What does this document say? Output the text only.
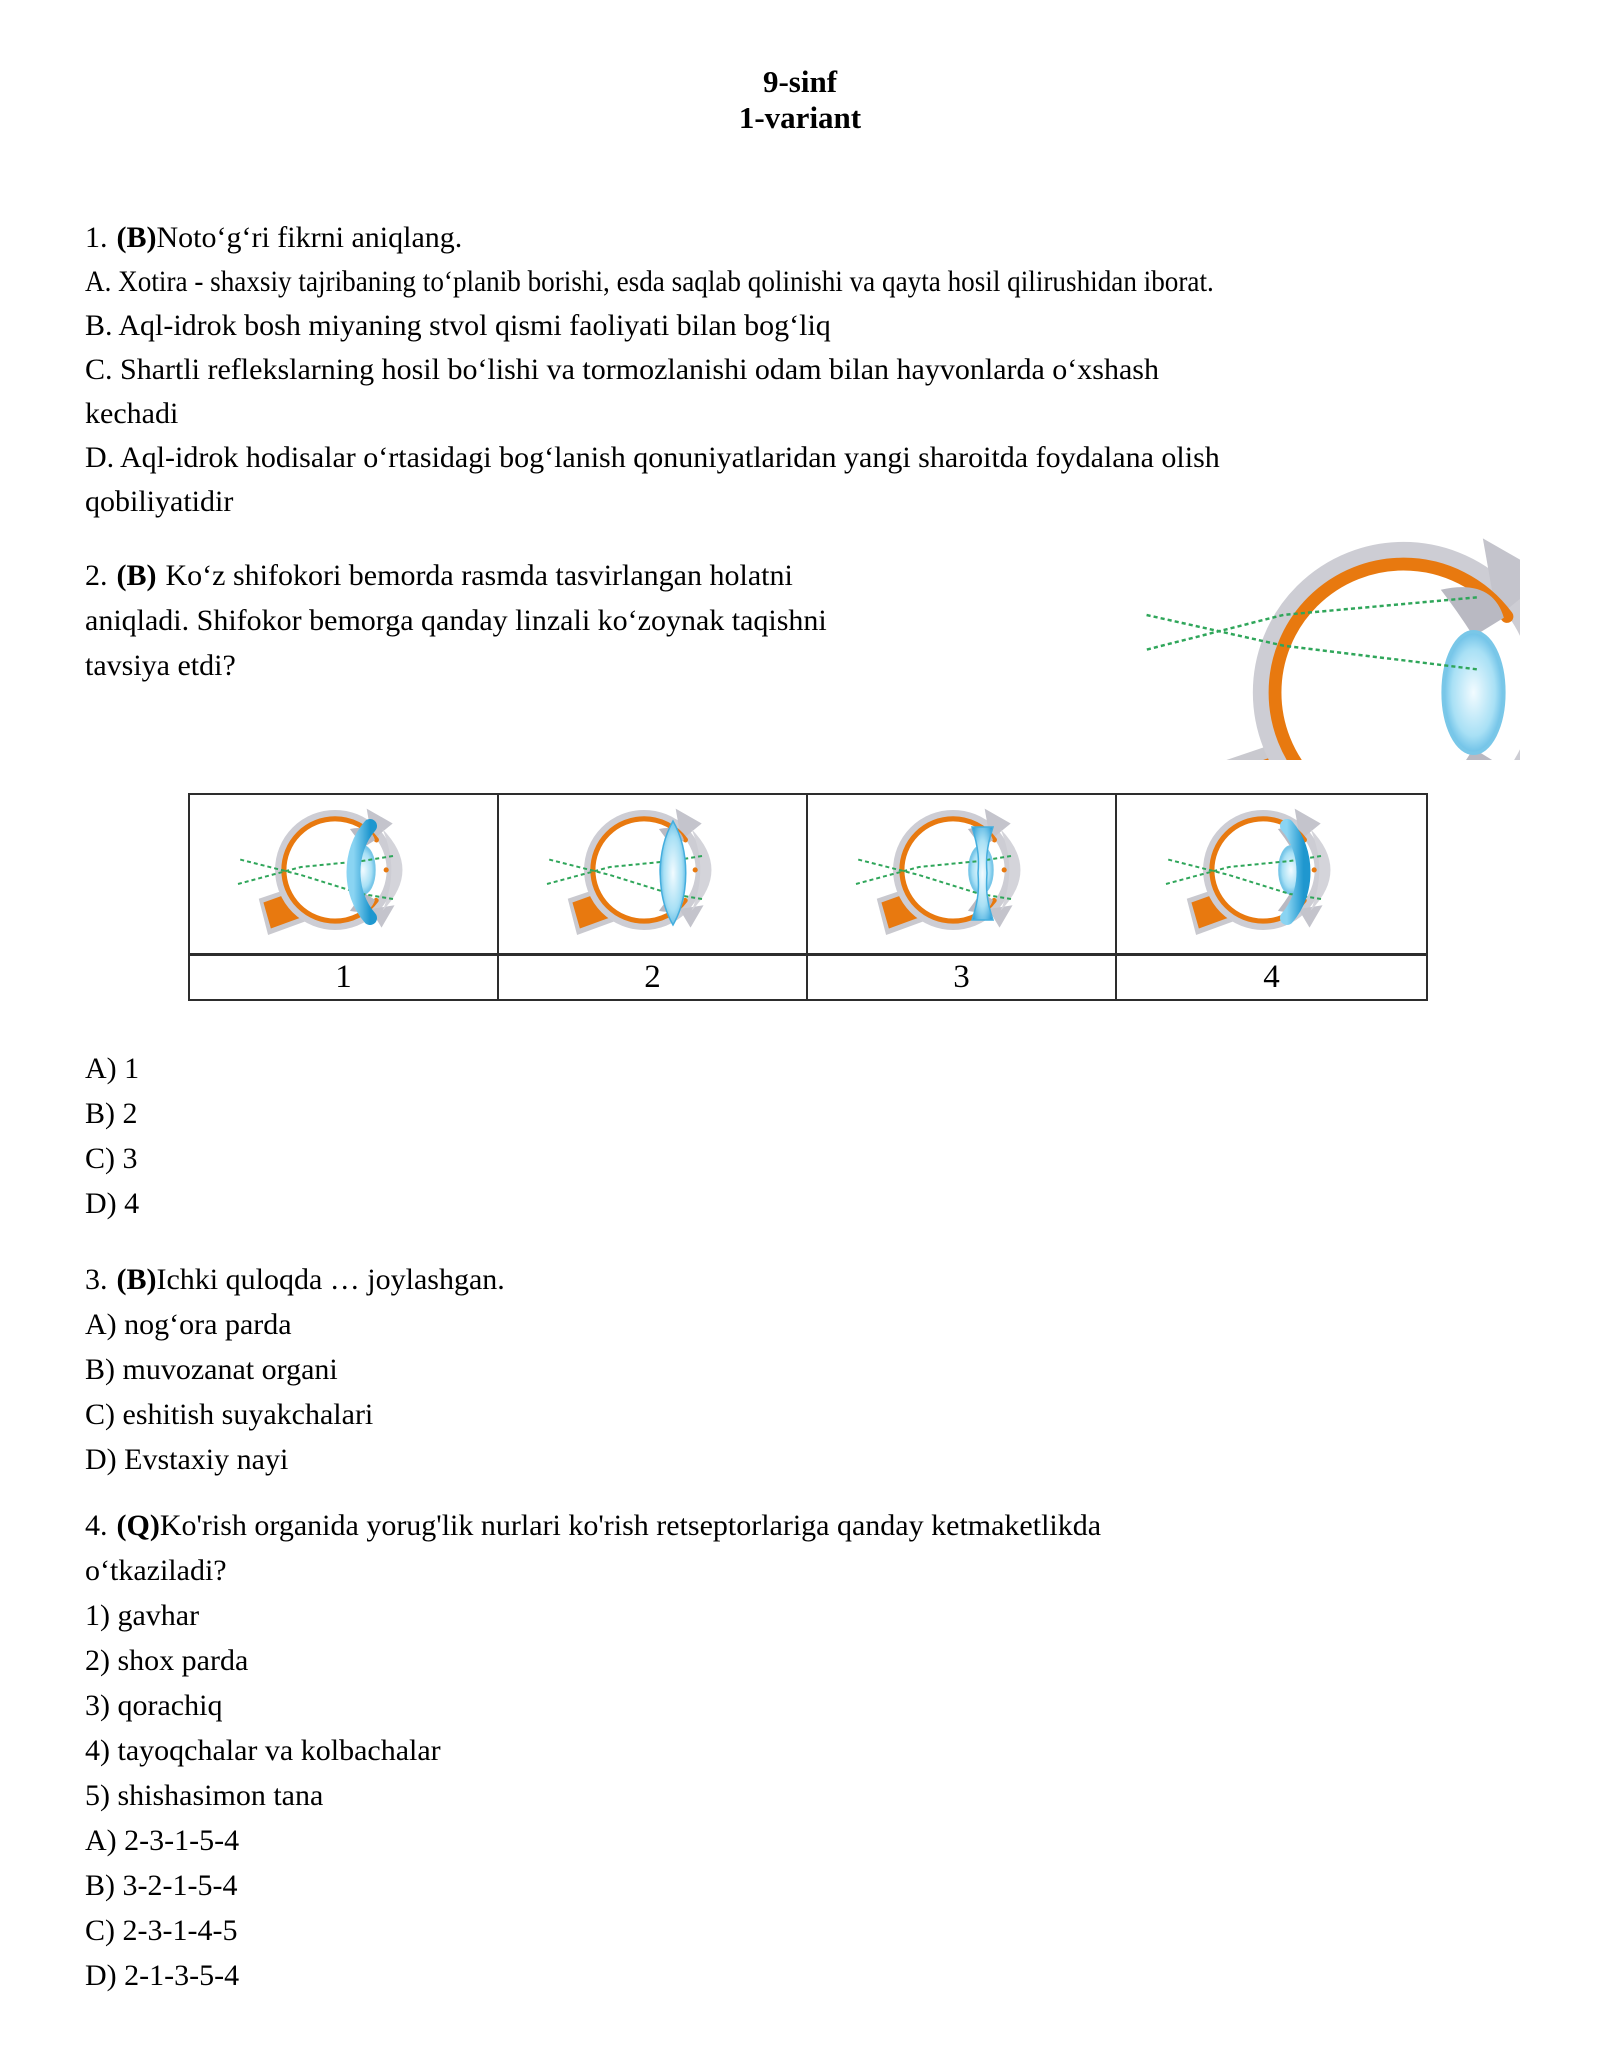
9-sinf
1-variant
1. (B)Noto‘g‘ri fikrni aniqlang.
A. Xotira - shaxsiy tajribaning to‘planib borishi, esda saqlab qolinishi va qayta hosil qilirushidan iborat.
B. Aql-idrok bosh miyaning stvol qismi faoliyati bilan bog‘liq
C. Shartli reflekslarning hosil bo‘lishi va tormozlanishi odam bilan hayvonlarda o‘xshash
kechadi
D. Aql-idrok hodisalar o‘rtasidagi bog‘lanish qonuniyatlaridan yangi sharoitda foydalana olish
qobiliyatidir
2. (B) Ko‘z shifokori bemorda rasmda tasvirlangan holatni
aniqladi. Shifokor bemorga qanday linzali ko‘zoynak taqishni
tavsiya etdi?
1	2	3	4
A) 1
B) 2
C) 3
D) 4
3. (B)Ichki quloqda … joylashgan.
A) nog‘ora parda
B) muvozanat organi
C) eshitish suyakchalari
D) Evstaxiy nayi
4. (Q)Ko'rish organida yorug'lik nurlari ko'rish retseptorlariga qanday ketmaketlikda
o‘tkaziladi?
1) gavhar
2) shox parda
3) qorachiq
4) tayoqchalar va kolbachalar
5) shishasimon tana
A) 2-3-1-5-4
B) 3-2-1-5-4
C) 2-3-1-4-5
D) 2-1-3-5-4
